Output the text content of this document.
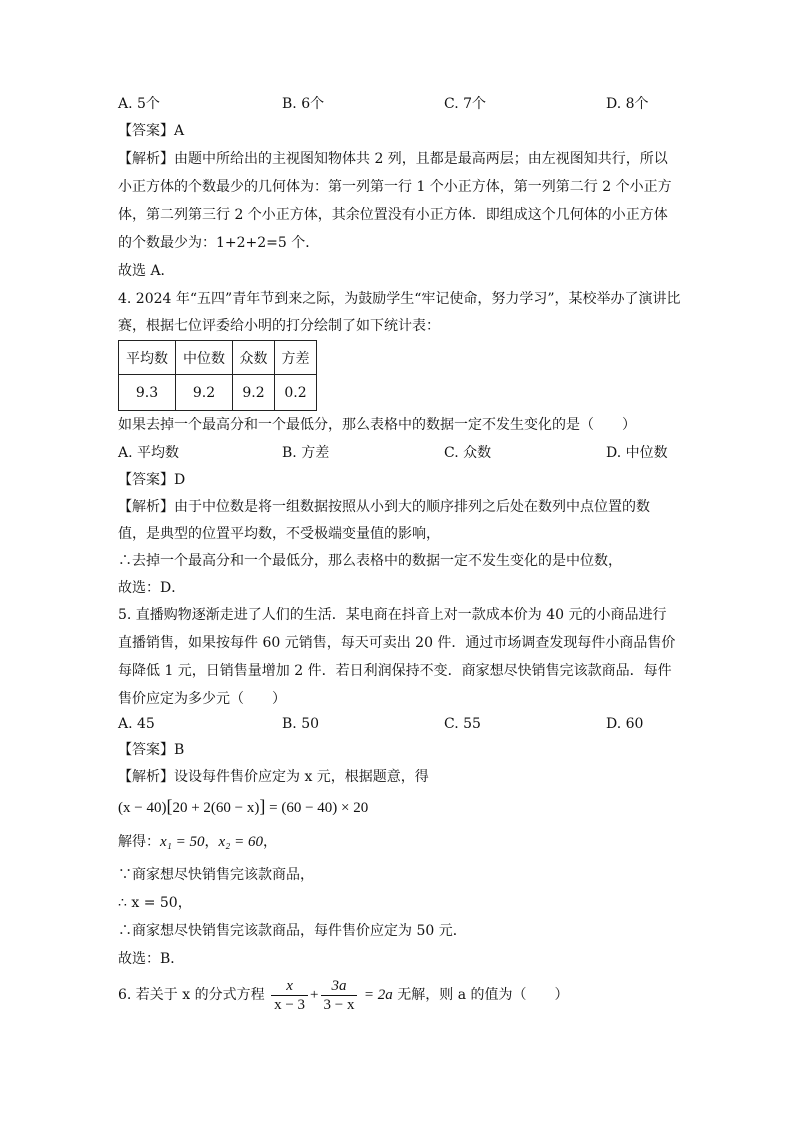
A. 5个	B. 6个	C. 7个	D. 8个
【答案】A
【解析】由题中所给出的主视图知物体共 2 列，且都是最高两层；由左视图知共行，所以
小正方体的个数最少的几何体为：第一列第一行 1 个小正方体，第一列第二行 2 个小正方
体，第二列第三行 2 个小正方体，其余位置没有小正方体．即组成这个几何体的小正方体
的个数最少为：1+2+2=5 个．
故选 A．
4. 2024 年“五四”青年节到来之际，为鼓励学生“牢记使命，努力学习”，某校举办了演讲比
赛，根据七位评委给小明的打分绘制了如下统计表：
平均数	中位数	众数	方差
9.3	9.2	9.2	0.2
如果去掉一个最高分和一个最低分，那么表格中的数据一定不发生变化的是（　　）
A. 平均数	B. 方差	C. 众数	D. 中位数
【答案】D
【解析】由于中位数是将一组数据按照从小到大的顺序排列之后处在数列中点位置的数
值，是典型的位置平均数，不受极端变量值的影响，
∴去掉一个最高分和一个最低分，那么表格中的数据一定不发生变化的是中位数，
故选：D．
5. 直播购物逐渐走进了人们的生活．某电商在抖音上对一款成本价为 40 元的小商品进行
直播销售，如果按每件 60 元销售，每天可卖出 20 件．通过市场调查发现每件小商品售价
每降低 1 元，日销售量增加 2 件．若日利润保持不变．商家想尽快销售完该款商品．每件
售价应定为多少元（　　）
A. 45	B. 50	C. 55	D. 60
【答案】B
【解析】设设每件售价应定为 x 元，根据题意，得
(x − 40)[20 + 2(60 − x)] = (60 − 40) × 20
解得：x₁ = 50，x₂ = 60，
∵商家想尽快销售完该款商品，
∴ x = 50，
∴商家想尽快销售完该款商品，每件售价应定为 50 元．
故选：B．
6. 若关于 x 的分式方程 $\frac{x}{x - 3} + \frac{3a}{3 - x} = 2a$ 无解，则 a 的值为（　　）
